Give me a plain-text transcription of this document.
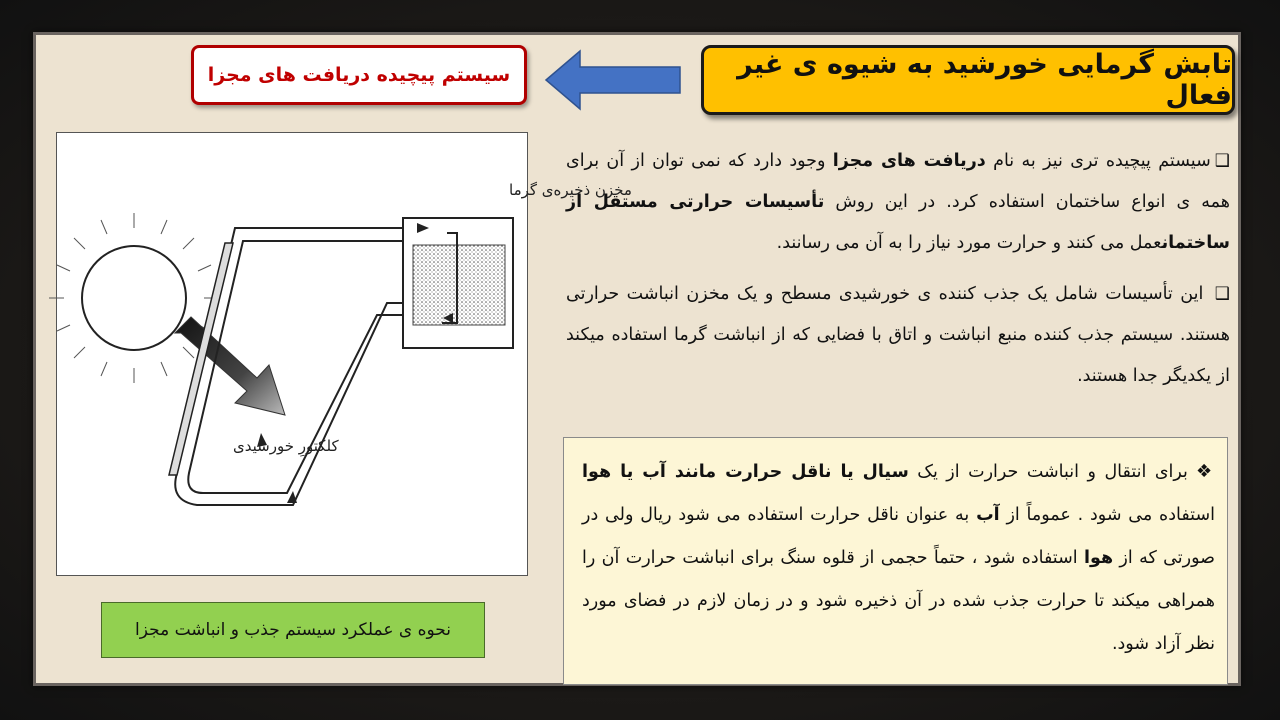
تابش گرمایی خورشید به شیوه ی غیر فعال
سیستم پیچیده دریافت های مجزا
مخزن ذخیره‌ی گرما
کلکتورِ خورشیدی
نحوه ی عملکرد سیستم جذب و انباشت مجزا

❑سیستم پیچیده تری نیز به نام دریافت های مجزا وجود دارد که نمی توان از آن برای همه ی انواع ساختمان استفاده کرد. در این روش تأسیسات حرارتی مستقل از ساختمانعمل می کنند و حرارت مورد نیاز را به آن می رسانند.

❑ این تأسیسات شامل یک جذب کننده ی خورشیدی مسطح و یک مخزن انباشت حرارتی هستند. سیستم جذب کننده منبع انباشت و اتاق با فضایی که از انباشت گرما استفاده میکند از یکدیگر جدا هستند.

❖برای انتقال و انباشت حرارت از یک سیال یا ناقل حرارت مانند آب یا هوا استفاده می شود . عموماً از آب به عنوان ناقل حرارت استفاده می شود ریال ولی در صورتی که از هوا استفاده شود ، حتماً حجمی از قلوه سنگ برای انباشت حرارت آن را همراهی میکند تا حرارت جذب شده در آن ذخیره شود و در زمان لازم در فضای مورد نظر آزاد شود.
